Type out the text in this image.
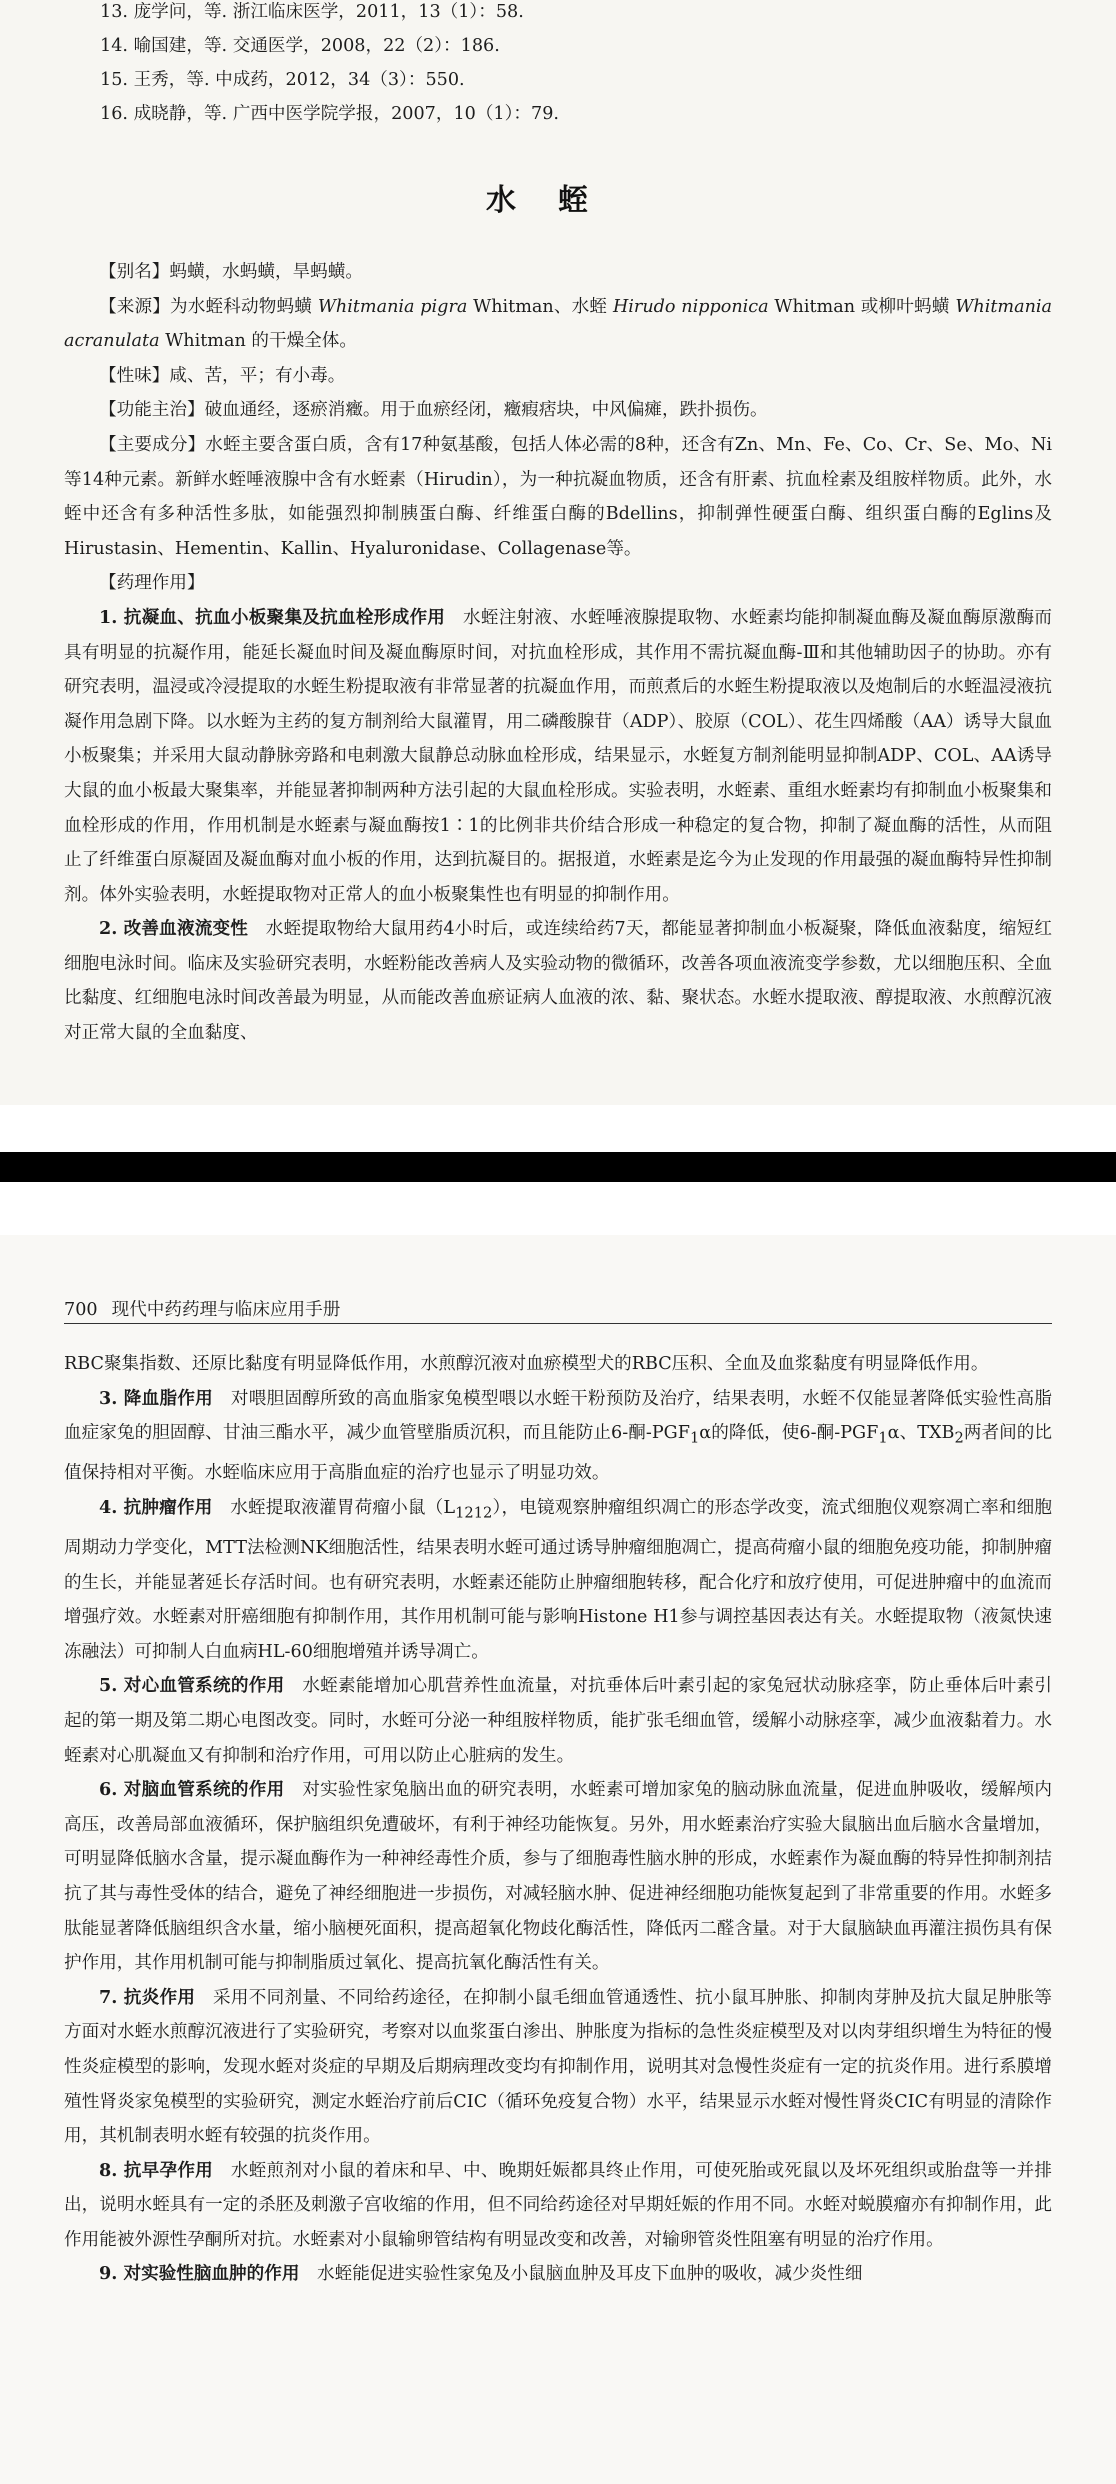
13. 庞学问，等. 浙江临床医学，2011，13（1）：58.
14. 喻国建，等. 交通医学，2008，22（2）：186.
15. 王秀，等. 中成药，2012，34（3）：550.
16. 成晓静，等. 广西中医学院学报，2007，10（1）：79.
水蛭

【别名】蚂蟥，水蚂蟥，旱蚂蟥。

【来源】为水蛭科动物蚂蟥 Whitmania pigra Whitman、水蛭 Hirudo nipponica Whitman 或柳叶蚂蟥 Whitmania acranulata Whitman 的干燥全体。

【性味】咸、苦，平；有小毒。

【功能主治】破血通经，逐瘀消癥。用于血瘀经闭，癥瘕痞块，中风偏瘫，跌扑损伤。

【主要成分】水蛭主要含蛋白质，含有17种氨基酸，包括人体必需的8种，还含有Zn、Mn、Fe、Co、Cr、Se、Mo、Ni等14种元素。新鲜水蛭唾液腺中含有水蛭素（Hirudin），为一种抗凝血物质，还含有肝素、抗血栓素及组胺样物质。此外，水蛭中还含有多种活性多肽，如能强烈抑制胰蛋白酶、纤维蛋白酶的Bdellins，抑制弹性硬蛋白酶、组织蛋白酶的Eglins及Hirustasin、Hementin、Kallin、Hyaluronidase、Collagenase等。

【药理作用】

1. 抗凝血、抗血小板聚集及抗血栓形成作用　 水蛭注射液、水蛭唾液腺提取物、水蛭素均能抑制凝血酶及凝血酶原激酶而具有明显的抗凝作用，能延长凝血时间及凝血酶原时间，对抗血栓形成，其作用不需抗凝血酶-Ⅲ和其他辅助因子的协助。亦有研究表明，温浸或冷浸提取的水蛭生粉提取液有非常显著的抗凝血作用，而煎煮后的水蛭生粉提取液以及炮制后的水蛭温浸液抗凝作用急剧下降。以水蛭为主药的复方制剂给大鼠灌胃，用二磷酸腺苷（ADP）、胶原（COL）、花生四烯酸（AA）诱导大鼠血小板聚集；并采用大鼠动静脉旁路和电刺激大鼠静总动脉血栓形成，结果显示，水蛭复方制剂能明显抑制ADP、COL、AA诱导大鼠的血小板最大聚集率，并能显著抑制两种方法引起的大鼠血栓形成。实验表明，水蛭素、重组水蛭素均有抑制血小板聚集和血栓形成的作用，作用机制是水蛭素与凝血酶按1∶1的比例非共价结合形成一种稳定的复合物，抑制了凝血酶的活性，从而阻止了纤维蛋白原凝固及凝血酶对血小板的作用，达到抗凝目的。据报道，水蛭素是迄今为止发现的作用最强的凝血酶特异性抑制剂。体外实验表明，水蛭提取物对正常人的血小板聚集性也有明显的抑制作用。

2. 改善血液流变性　 水蛭提取物给大鼠用药4小时后，或连续给药7天，都能显著抑制血小板凝聚，降低血液黏度，缩短红细胞电泳时间。临床及实验研究表明，水蛭粉能改善病人及实验动物的微循环，改善各项血液流变学参数，尤以细胞压积、全血比黏度、红细胞电泳时间改善最为明显，从而能改善血瘀证病人血液的浓、黏、聚状态。水蛭水提取液、醇提取液、水煎醇沉液对正常大鼠的全血黏度、

700 现代中药药理与临床应用手册

RBC聚集指数、还原比黏度有明显降低作用，水煎醇沉液对血瘀模型犬的RBC压积、全血及血浆黏度有明显降低作用。

3. 降血脂作用　 对喂胆固醇所致的高血脂家兔模型喂以水蛭干粉预防及治疗，结果表明，水蛭不仅能显著降低实验性高脂血症家兔的胆固醇、甘油三酯水平，减少血管壁脂质沉积，而且能防止6-酮$-PGF_1\alpha$的降低，使6-酮$-PGF_1\alpha$、$TXB_2$两者间的比值保持相对平衡。水蛭临床应用于高脂血症的治疗也显示了明显功效。

4. 抗肿瘤作用　 水蛭提取液灌胃荷瘤小鼠$(L_{1212})$，电镜观察肿瘤组织凋亡的形态学改变，流式细胞仪观察凋亡率和细胞周期动力学变化，MTT法检测NK细胞活性，结果表明水蛭可通过诱导肿瘤细胞凋亡，提高荷瘤小鼠的细胞免疫功能，抑制肿瘤的生长，并能显著延长存活时间。也有研究表明，水蛭素还能防止肿瘤细胞转移，配合化疗和放疗使用，可促进肿瘤中的血流而增强疗效。水蛭素对肝癌细胞有抑制作用，其作用机制可能与影响Histone H1参与调控基因表达有关。水蛭提取物（液氮快速冻融法）可抑制人白血病HL-60细胞增殖并诱导凋亡。

5. 对心血管系统的作用　 水蛭素能增加心肌营养性血流量，对抗垂体后叶素引起的家兔冠状动脉痉挛，防止垂体后叶素引起的第一期及第二期心电图改变。同时，水蛭可分泌一种组胺样物质，能扩张毛细血管，缓解小动脉痉挛，减少血液黏着力。水蛭素对心肌凝血又有抑制和治疗作用，可用以防止心脏病的发生。

6. 对脑血管系统的作用　 对实验性家兔脑出血的研究表明，水蛭素可增加家兔的脑动脉血流量，促进血肿吸收，缓解颅内高压，改善局部血液循环，保护脑组织免遭破坏，有利于神经功能恢复。另外，用水蛭素治疗实验大鼠脑出血后脑水含量增加，可明显降低脑水含量，提示凝血酶作为一种神经毒性介质，参与了细胞毒性脑水肿的形成，水蛭素作为凝血酶的特异性抑制剂拮抗了其与毒性受体的结合，避免了神经细胞进一步损伤，对减轻脑水肿、促进神经细胞功能恢复起到了非常重要的作用。水蛭多肽能显著降低脑组织含水量，缩小脑梗死面积，提高超氧化物歧化酶活性，降低丙二醛含量。对于大鼠脑缺血再灌注损伤具有保护作用，其作用机制可能与抑制脂质过氧化、提高抗氧化酶活性有关。

7. 抗炎作用　 采用不同剂量、不同给药途径，在抑制小鼠毛细血管通透性、抗小鼠耳肿胀、抑制肉芽肿及抗大鼠足肿胀等方面对水蛭水煎醇沉液进行了实验研究，考察对以血浆蛋白渗出、肿胀度为指标的急性炎症模型及对以肉芽组织增生为特征的慢性炎症模型的影响，发现水蛭对炎症的早期及后期病理改变均有抑制作用，说明其对急慢性炎症有一定的抗炎作用。进行系膜增殖性肾炎家兔模型的实验研究，测定水蛭治疗前后CIC（循环免疫复合物）水平，结果显示水蛭对慢性肾炎CIC有明显的清除作用，其机制表明水蛭有较强的抗炎作用。

8. 抗早孕作用　 水蛭煎剂对小鼠的着床和早、中、晚期妊娠都具终止作用，可使死胎或死鼠以及坏死组织或胎盘等一并排出，说明水蛭具有一定的杀胚及刺激子宫收缩的作用，但不同给药途径对早期妊娠的作用不同。水蛭对蜕膜瘤亦有抑制作用，此作用能被外源性孕酮所对抗。水蛭素对小鼠输卵管结构有明显改变和改善，对输卵管炎性阻塞有明显的治疗作用。

9. 对实验性脑血肿的作用　 水蛭能促进实验性家兔及小鼠脑血肿及耳皮下血肿的吸收，减少炎性细
